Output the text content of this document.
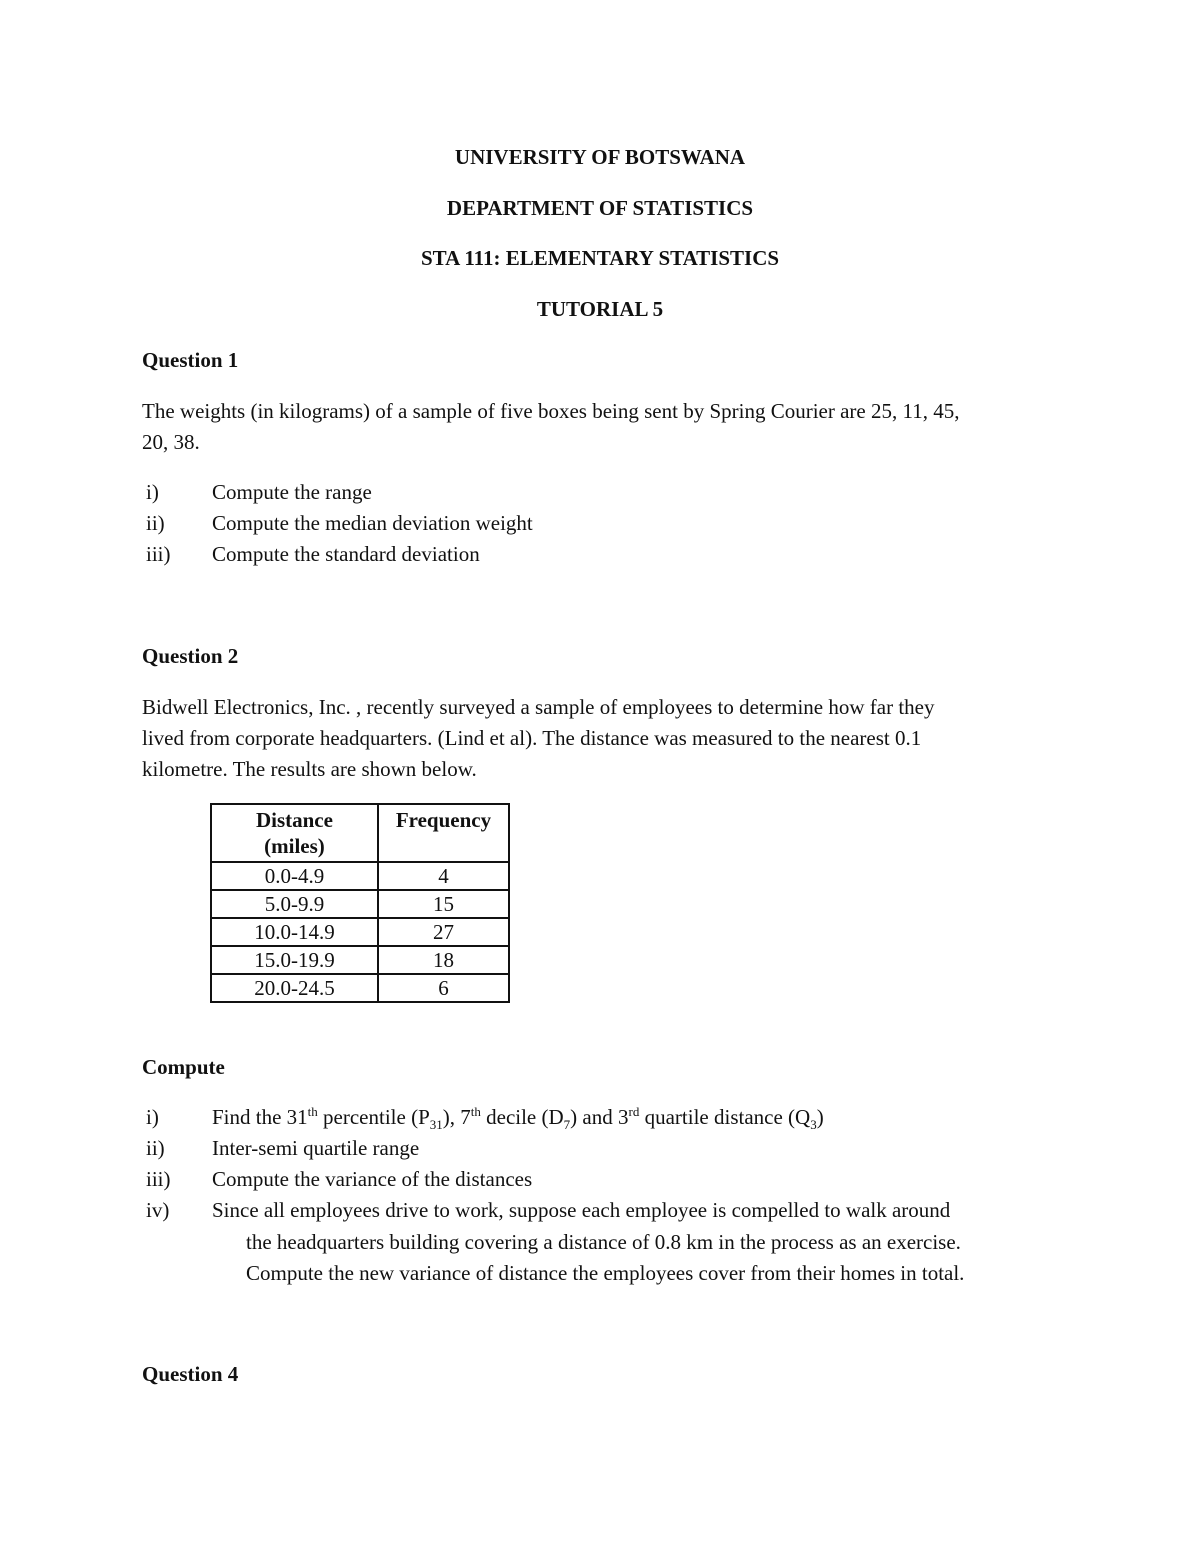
UNIVERSITY OF BOTSWANA
DEPARTMENT OF STATISTICS
STA 111: ELEMENTARY STATISTICS
TUTORIAL 5
Question 1
The weights (in kilograms) of a sample of five boxes being sent by Spring Courier are 25, 11, 45,
20, 38.
i)	Compute the range
ii) Compute the median deviation weight
iii) Compute the standard deviation
Question 2
Bidwell Electronics, Inc. , recently surveyed a sample of employees to determine how far they
lived from corporate headquarters. (Lind et al). The distance was measured to the nearest 0.1
kilometre. The results are shown below.
Distance
(miles)	Frequency

0.0-4.9	4
5.0-9.9	15
10.0-14.9	27
15.0-19.9	18
20.0-24.5	6
Compute
i)	Find the 31th percentile $(P_{31})$, 7th decile $(D_7)$ and 3rd quartile distance $(Q_3)$
ii) Inter-semi quartile range
iii) Compute the variance of the distances
iv) Since all employees drive to work, suppose each employee is compelled to walk around
the headquarters building covering a distance of 0.8 km in the process as an exercise.
Compute the new variance of distance the employees cover from their homes in total.
Question 4
